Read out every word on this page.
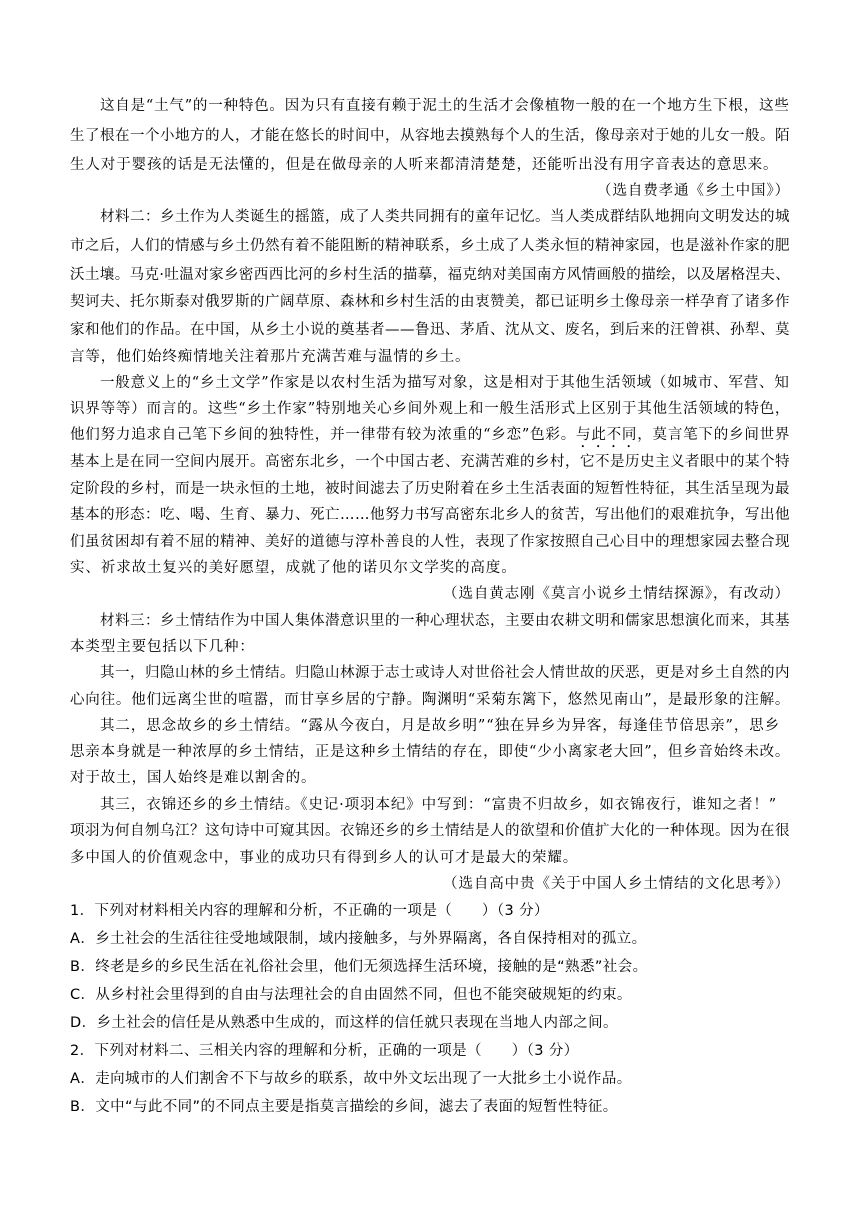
这自是“土气”的一种特色。因为只有直接有赖于泥土的生活才会像植物一般的在一个地方生下根，这些
生了根在一个小地方的人，才能在悠长的时间中，从容地去摸熟每个人的生活，像母亲对于她的儿女一般。陌
生人对于婴孩的话是无法懂的，但是在做母亲的人听来都清清楚楚，还能听出没有用字音表达的意思来。
（选自费孝通《乡土中国》）
材料二：乡土作为人类诞生的摇篮，成了人类共同拥有的童年记忆。当人类成群结队地拥向文明发达的城
市之后，人们的情感与乡土仍然有着不能阻断的精神联系，乡土成了人类永恒的精神家园，也是滋补作家的肥
沃土壤。马克·吐温对家乡密西西比河的乡村生活的描摹，福克纳对美国南方风情画般的描绘，以及屠格涅夫、
契诃夫、托尔斯泰对俄罗斯的广阔草原、森林和乡村生活的由衷赞美，都已证明乡土像母亲一样孕育了诸多作
家和他们的作品。在中国，从乡土小说的奠基者——鲁迅、茅盾、沈从文、废名，到后来的汪曾祺、孙犁、莫
言等，他们始终痴情地关注着那片充满苦难与温情的乡土。
一般意义上的“乡土文学”作家是以农村生活为描写对象，这是相对于其他生活领域（如城市、军营、知
识界等等）而言的。这些“乡土作家”特别地关心乡间外观上和一般生活形式上区别于其他生活领域的特色，
他们努力追求自己笔下乡间的独特性，并一律带有较为浓重的“乡恋”色彩。与此不同，莫言笔下的乡间世界
基本上是在同一空间内展开。高密东北乡，一个中国古老、充满苦难的乡村，它不是历史主义者眼中的某个特
定阶段的乡村，而是一块永恒的土地，被时间滤去了历史附着在乡土生活表面的短暂性特征，其生活呈现为最
基本的形态：吃、喝、生育、暴力、死亡……他努力书写高密东北乡人的贫苦，写出他们的艰难抗争，写出他
们虽贫困却有着不屈的精神、美好的道德与淳朴善良的人性，表现了作家按照自己心目中的理想家园去整合现
实、祈求故土复兴的美好愿望，成就了他的诺贝尔文学奖的高度。
（选自黄志刚《莫言小说乡土情结探源》，有改动）
材料三：乡土情结作为中国人集体潜意识里的一种心理状态，主要由农耕文明和儒家思想演化而来，其基
本类型主要包括以下几种：
其一，归隐山林的乡土情结。归隐山林源于志士或诗人对世俗社会人情世故的厌恶，更是对乡土自然的内
心向往。他们远离尘世的喧嚣，而甘享乡居的宁静。陶渊明“采菊东篱下，悠然见南山”，是最形象的注解。
其二，思念故乡的乡土情结。“露从今夜白，月是故乡明”“独在异乡为异客，每逢佳节倍思亲”，思乡
思亲本身就是一种浓厚的乡土情结，正是这种乡土情结的存在，即使“少小离家老大回”，但乡音始终未改。
对于故土，国人始终是难以割舍的。
其三，衣锦还乡的乡土情结。《史记·项羽本纪》中写到：“富贵不归故乡，如衣锦夜行，谁知之者！”
项羽为何自刎乌江？这句诗中可窥其因。衣锦还乡的乡土情结是人的欲望和价值扩大化的一种体现。因为在很
多中国人的价值观念中，事业的成功只有得到乡人的认可才是最大的荣耀。
（选自高中贵《关于中国人乡土情结的文化思考》）
1．下列对材料相关内容的理解和分析，不正确的一项是（　　）（3 分）
A．乡土社会的生活往往受地域限制，域内接触多，与外界隔离，各自保持相对的孤立。
B．终老是乡的乡民生活在礼俗社会里，他们无须选择生活环境，接触的是“熟悉”社会。
C．从乡村社会里得到的自由与法理社会的自由固然不同，但也不能突破规矩的约束。
D．乡土社会的信任是从熟悉中生成的，而这样的信任就只表现在当地人内部之间。
2．下列对材料二、三相关内容的理解和分析，正确的一项是（　　）（3 分）
A．走向城市的人们割舍不下与故乡的联系，故中外文坛出现了一大批乡土小说作品。
B．文中“与此不同”的不同点主要是指莫言描绘的乡间，滤去了表面的短暂性特征。
